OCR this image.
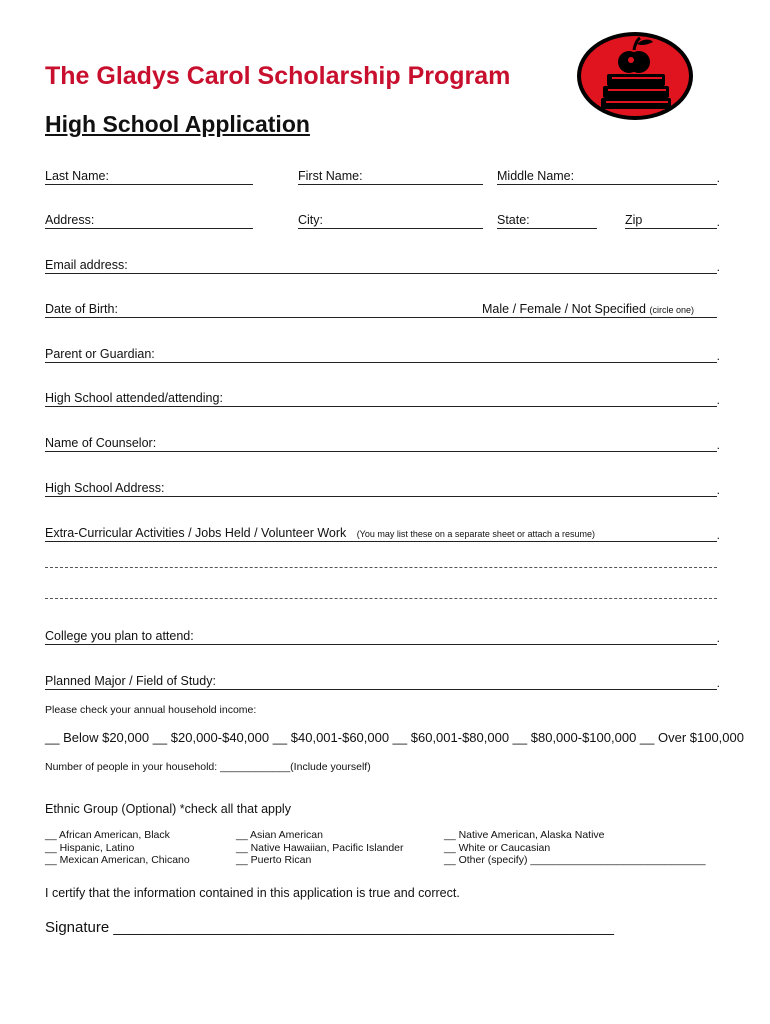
The Gladys Carol Scholarship Program
High School Application
Last Name:	First Name:	Middle Name:	.
Address:	City:	State:	Zip	.
Email address:	.
Date of Birth:	Male / Female / Not Specified (circle one)
Parent or Guardian:	.
High School attended/attending:	.
Name of Counselor:	.
High School Address:	.
Extra-Curricular Activities / Jobs Held / Volunteer Work (You may list these on a separate sheet or attach a resume)	.
College you plan to attend:	.
Planned Major / Field of Study:	.
Please check your annual household income:
__ Below $20,000 __ $20,000-$40,000 __ $40,001-$60,000 __ $60,001-$80,000 __ $80,000-$100,000 __ Over $100,000
Number of people in your household: ____________(Include yourself)
Ethnic Group (Optional) *check all that apply
__ African American, Black
__ Hispanic, Latino
__ Mexican American, Chicano
__ Asian American
__ Native Hawaiian, Pacific Islander
__ Puerto Rican
__ Native American, Alaska Native
__ White or Caucasian
__ Other (specify) ______________________________
I certify that the information contained in this application is true and correct.
Signature ____________________________________________________________
